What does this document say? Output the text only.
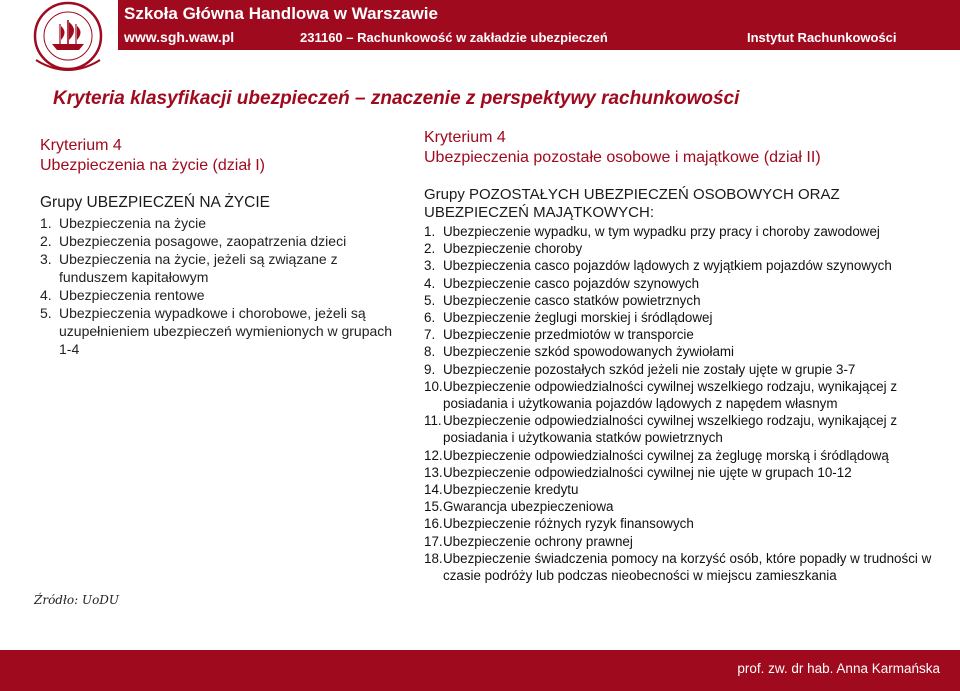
Szkoła Główna Handlowa w Warszawie
www.sgh.waw.pl	231160 – Rachunkowość w zakładzie ubezpieczeń	Instytut Rachunkowości
Kryteria klasyfikacji ubezpieczeń – znaczenie z perspektywy rachunkowości
Kryterium 4
Ubezpieczenia na życie (dział I)
Grupy UBEZPIECZEŃ NA ŻYCIE
1. Ubezpieczenia na życie
2. Ubezpieczenia posagowe, zaopatrzenia dzieci
3. Ubezpieczenia na życie, jeżeli są związane z funduszem kapitałowym
4. Ubezpieczenia rentowe
5. Ubezpieczenia wypadkowe i chorobowe, jeżeli są uzupełnieniem ubezpieczeń wymienionych w grupach 1-4
Źródło: UoDU
Kryterium 4
Ubezpieczenia pozostałe osobowe i majątkowe (dział II)
Grupy POZOSTAŁYCH UBEZPIECZEŃ OSOBOWYCH ORAZ UBEZPIECZEŃ MAJĄTKOWYCH:
1. Ubezpieczenie wypadku, w tym wypadku przy pracy i choroby zawodowej
2. Ubezpieczenie choroby
3. Ubezpieczenia casco pojazdów lądowych z wyjątkiem pojazdów szynowych
4. Ubezpieczenie casco pojazdów szynowych
5. Ubezpieczenie casco statków powietrznych
6. Ubezpieczenie żeglugi morskiej i śródlądowej
7. Ubezpieczenie przedmiotów w transporcie
8. Ubezpieczenie szkód spowodowanych żywiołami
9. Ubezpieczenie pozostałych szkód jeżeli nie zostały ujęte w grupie 3-7
10. Ubezpieczenie odpowiedzialności cywilnej wszelkiego rodzaju, wynikającej z posiadania i użytkowania pojazdów lądowych z napędem własnym
11. Ubezpieczenie odpowiedzialności cywilnej wszelkiego rodzaju, wynikającej z posiadania i użytkowania statków powietrznych
12. Ubezpieczenie odpowiedzialności cywilnej za żeglugę morską i śródlądową
13. Ubezpieczenie odpowiedzialności cywilnej nie ujęte w grupach 10-12
14. Ubezpieczenie kredytu
15. Gwarancja ubezpieczeniowa
16. Ubezpieczenie różnych ryzyk finansowych
17. Ubezpieczenie ochrony prawnej
18. Ubezpieczenie świadczenia pomocy na korzyść osób, które popadły w trudności w czasie podróży lub podczas nieobecności w miejscu zamieszkania
prof. zw. dr hab. Anna Karmańska
